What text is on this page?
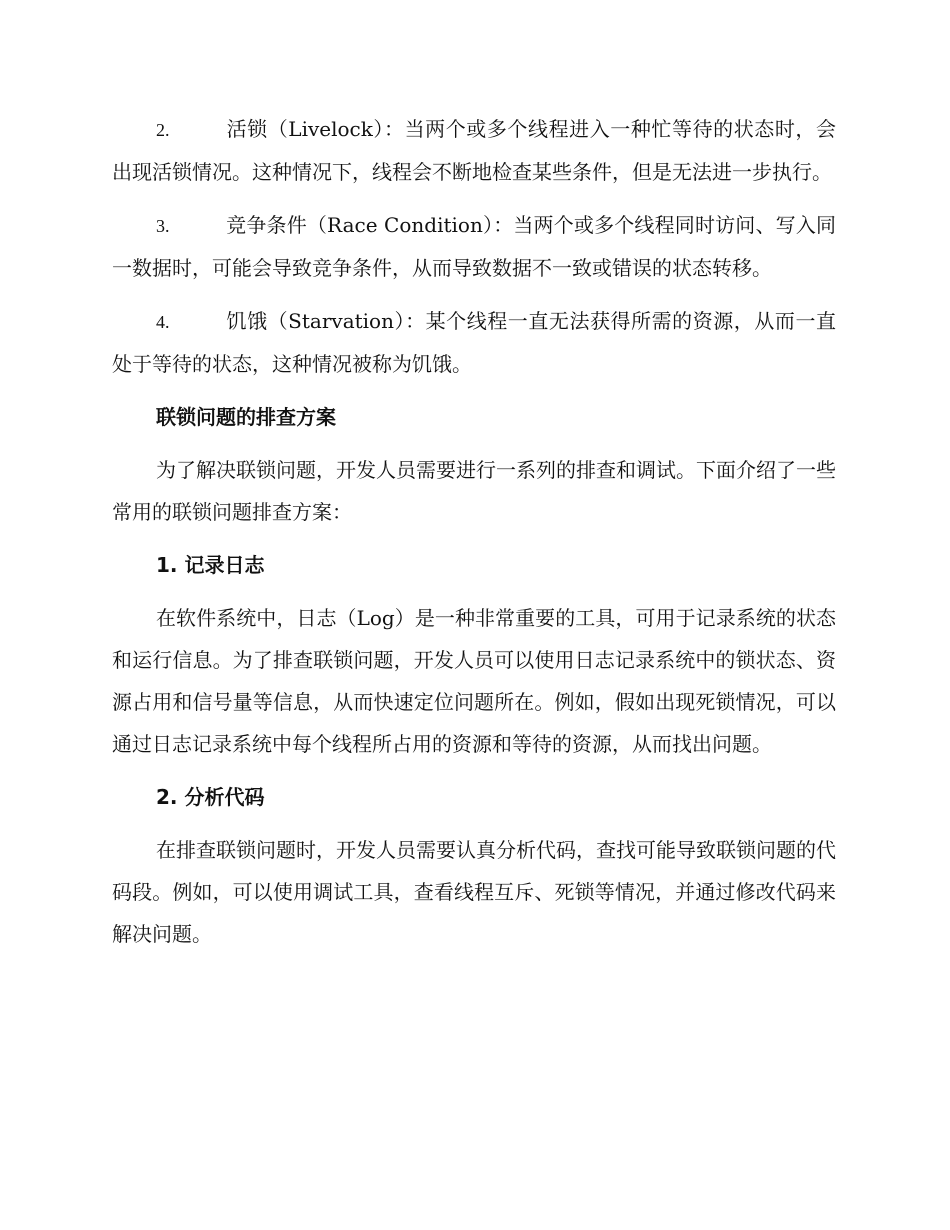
2.	活锁（Livelock）：当两个或多个线程进入一种忙等待的状态时，会出现活锁情况。这种情况下，线程会不断地检查某些条件，但是无法进一步执行。

3.	竞争条件（Race Condition）：当两个或多个线程同时访问、写入同一数据时，可能会导致竞争条件，从而导致数据不一致或错误的状态转移。

4.	饥饿（Starvation）：某个线程一直无法获得所需的资源，从而一直处于等待的状态，这种情况被称为饥饿。

联锁问题的排查方案

为了解决联锁问题，开发人员需要进行一系列的排查和调试。下面介绍了一些常用的联锁问题排查方案：

1. 记录日志

在软件系统中，日志（Log）是一种非常重要的工具，可用于记录系统的状态和运行信息。为了排查联锁问题，开发人员可以使用日志记录系统中的锁状态、资源占用和信号量等信息，从而快速定位问题所在。例如，假如出现死锁情况，可以通过日志记录系统中每个线程所占用的资源和等待的资源，从而找出问题。

2. 分析代码

在排查联锁问题时，开发人员需要认真分析代码，查找可能导致联锁问题的代码段。例如，可以使用调试工具，查看线程互斥、死锁等情况，并通过修改代码来解决问题。
